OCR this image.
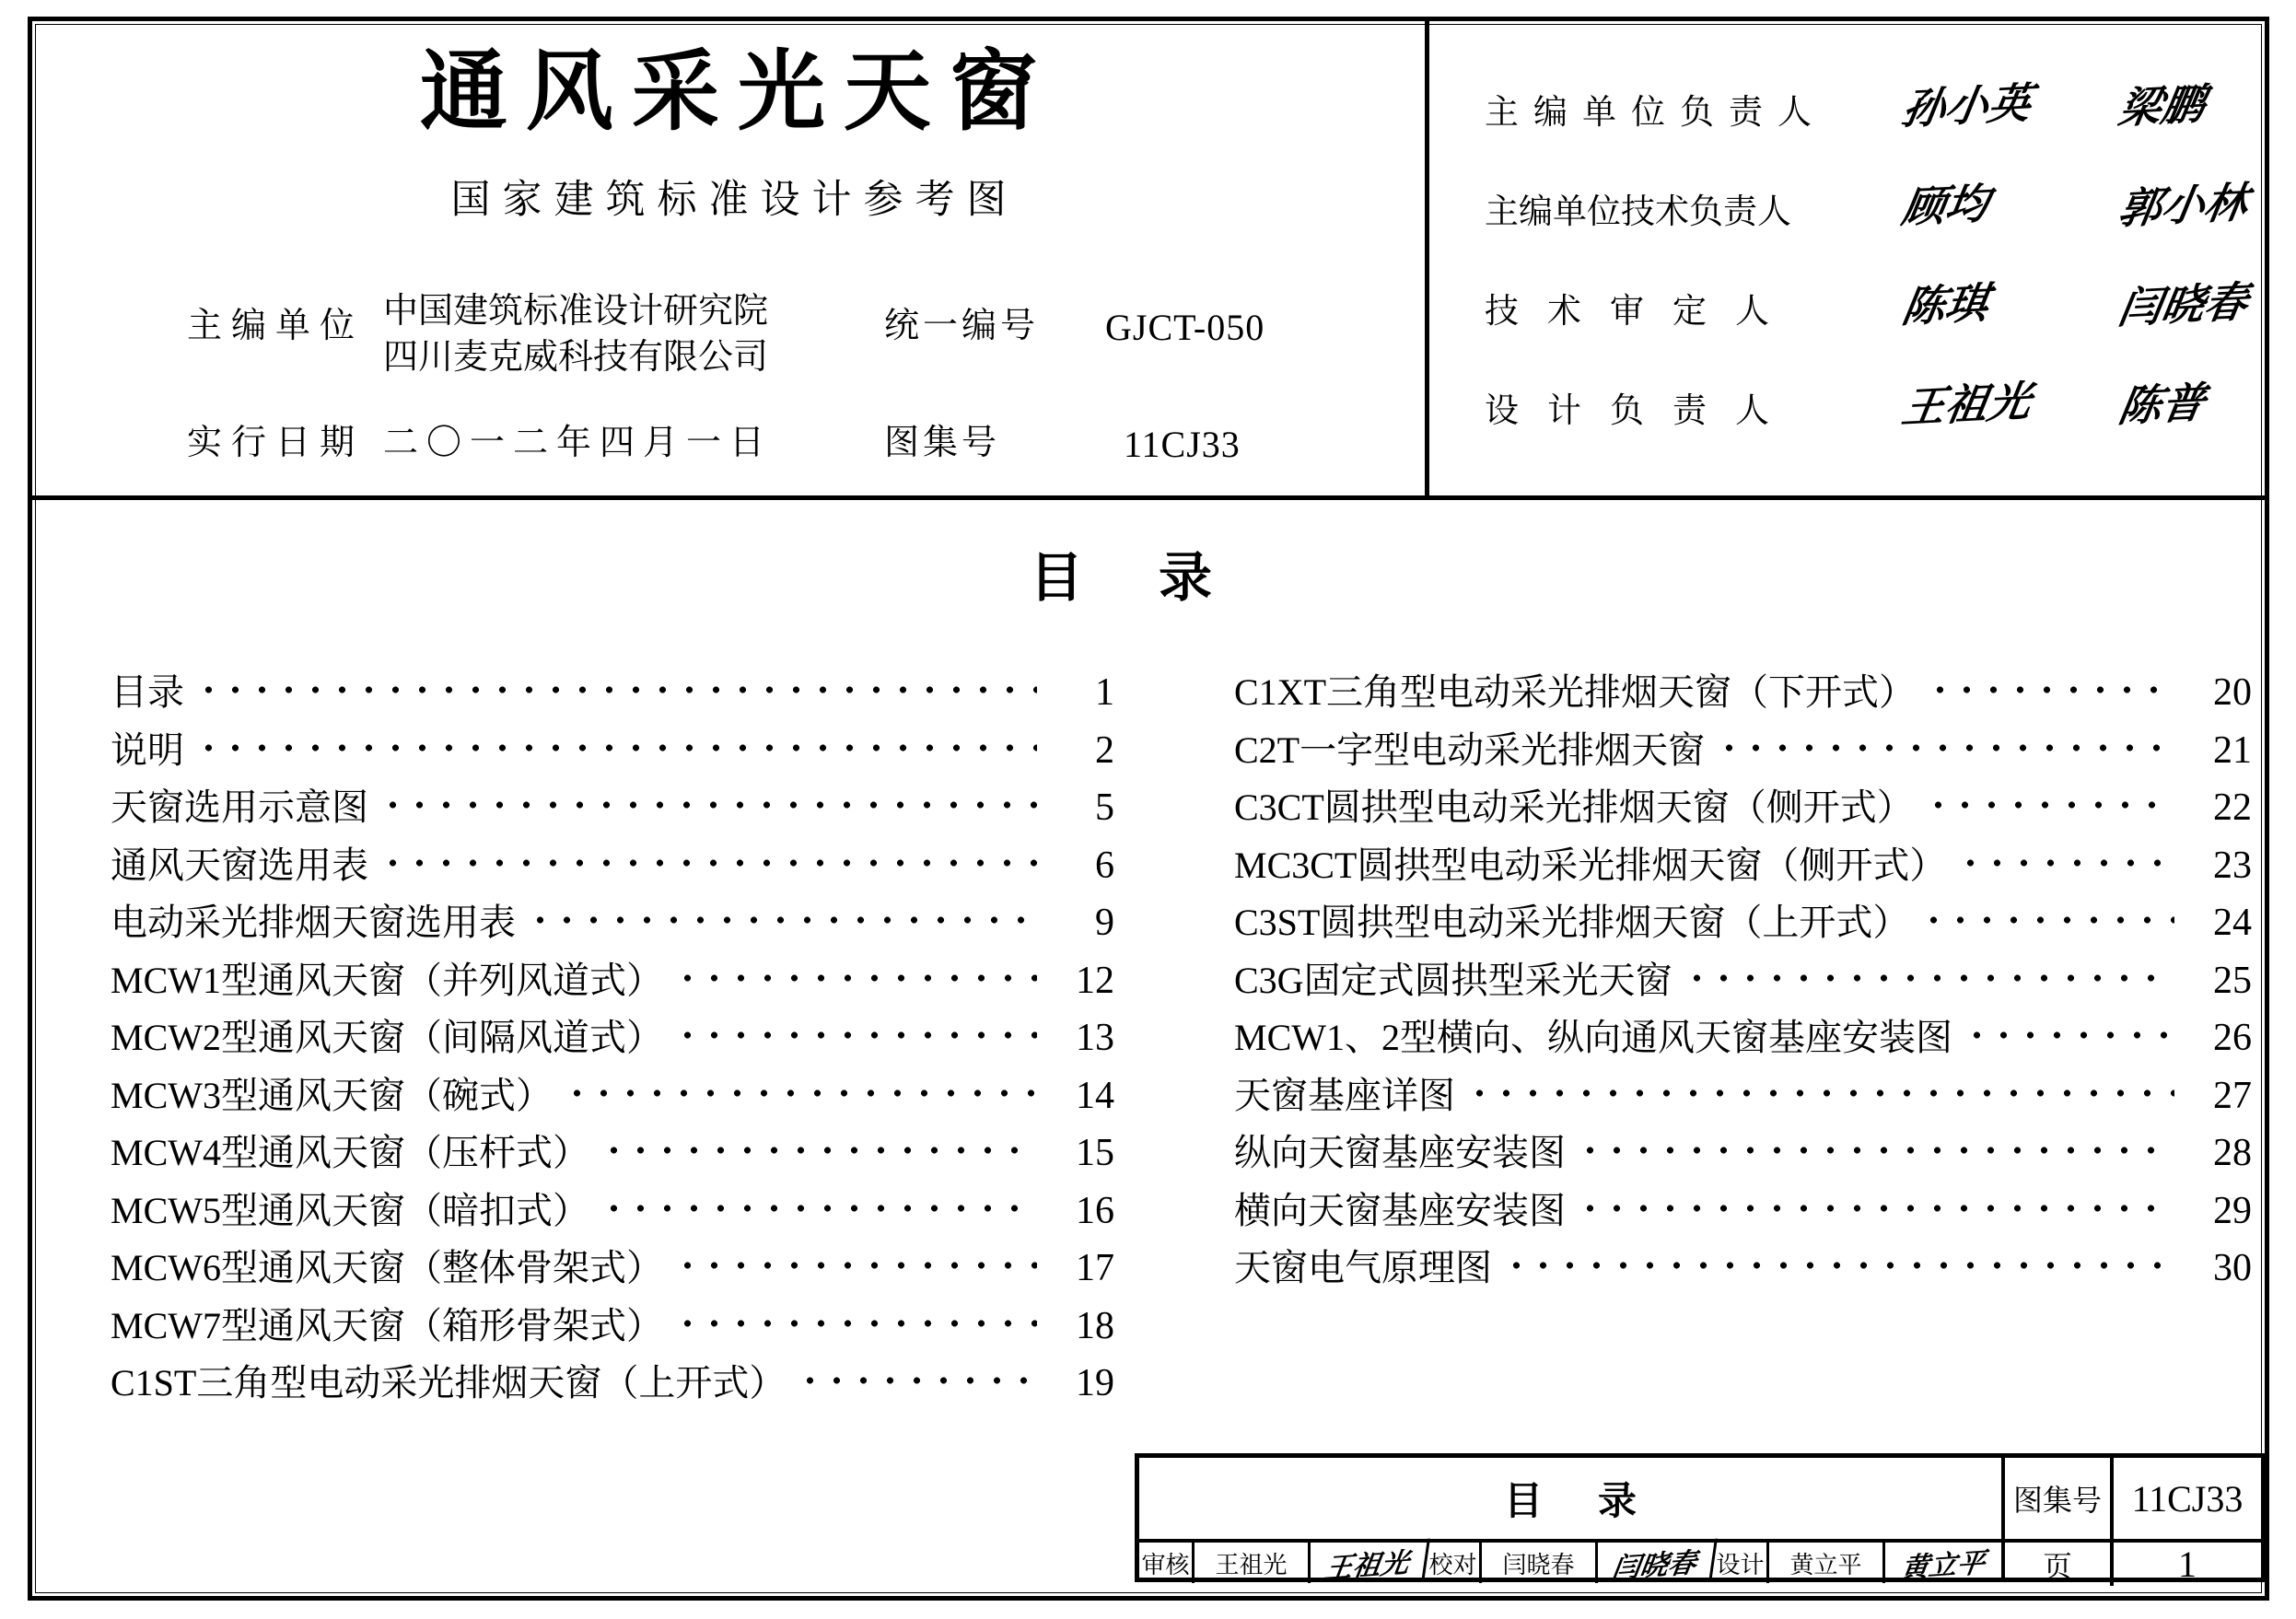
通风采光天窗
国家建筑标准设计参考图
主编单位 中国建筑标准设计研究院
四川麦克威科技有限公司
实行日期 二〇一二年四月一日
统一编号 GJCT-050
图集号	11CJ33
主编单位负责人 孙小英 梁鹏
主编单位技术负责人	顾均	郭小林
技术审定人 陈琪	闫晓春
设计负责人 王祖光 陈普
目录
目录	1
说明	2
天窗选用示意图	5
通风天窗选用表	6
电动采光排烟天窗选用表	9
MCW1型通风天窗（并列风道式）	12
MCW2型通风天窗（间隔风道式）	13
MCW3型通风天窗（碗式）	14
MCW4型通风天窗（压杆式）	15
MCW5型通风天窗（暗扣式）	16
MCW6型通风天窗（整体骨架式）	17
MCW7型通风天窗（箱形骨架式）	18
C1ST三角型电动采光排烟天窗（上开式）	19
C1XT三角型电动采光排烟天窗（下开式）	20
C2T一字型电动采光排烟天窗	21
C3CT圆拱型电动采光排烟天窗（侧开式）	22
MC3CT圆拱型电动采光排烟天窗（侧开式）	23
C3ST圆拱型电动采光排烟天窗（上开式）	24
C3G固定式圆拱型采光天窗	25
MCW1、2型横向、纵向通风天窗基座安装图	26
天窗基座详图	27
纵向天窗基座安装图	28
横向天窗基座安装图	29
天窗电气原理图	30
目录
审核	王祖光	王祖光 校对	闫晓春	闫晓春 设计	黄立平	黄立平
图集号 11CJ33
页	1
